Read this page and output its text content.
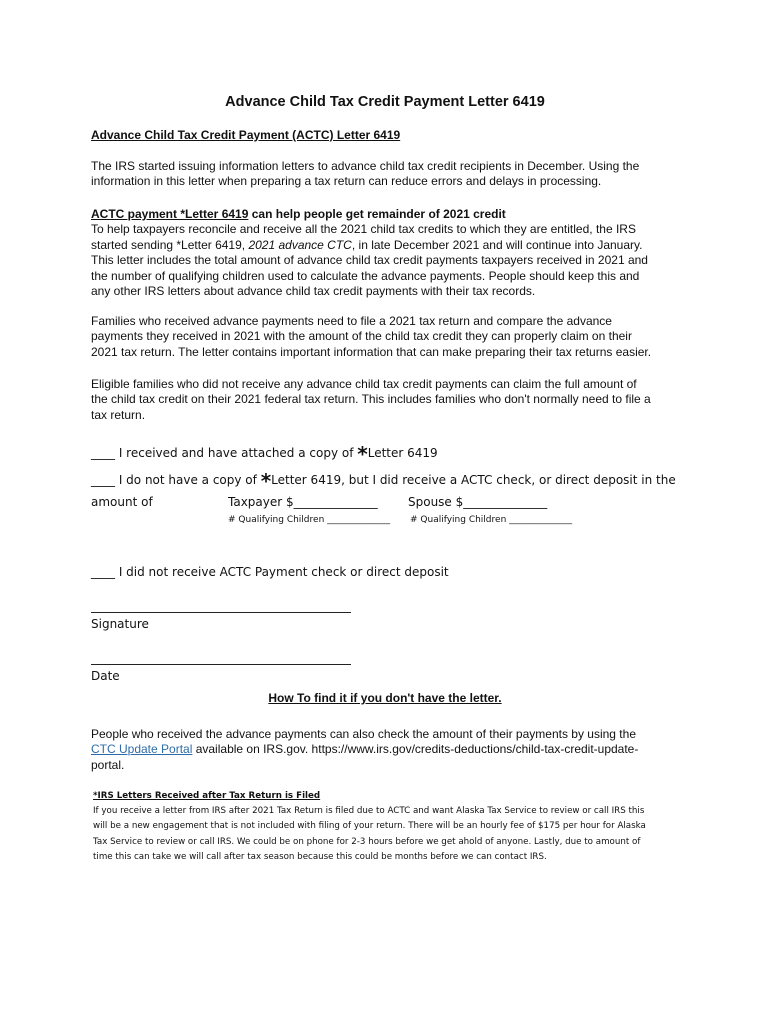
Advance Child Tax Credit Payment Letter 6419
Advance Child Tax Credit Payment (ACTC) Letter 6419
The IRS started issuing information letters to advance child tax credit recipients in December. Using the
information in this letter when preparing a tax return can reduce errors and delays in processing.
ACTC payment *Letter 6419 can help people get remainder of 2021 credit
To help taxpayers reconcile and receive all the 2021 child tax credits to which they are entitled, the IRS
started sending *Letter 6419, 2021 advance CTC, in late December 2021 and will continue into January.
This letter includes the total amount of advance child tax credit payments taxpayers received in 2021 and
the number of qualifying children used to calculate the advance payments. People should keep this and
any other IRS letters about advance child tax credit payments with their tax records.
Families who received advance payments need to file a 2021 tax return and compare the advance
payments they received in 2021 with the amount of the child tax credit they can properly claim on their
2021 tax return. The letter contains important information that can make preparing their tax returns easier.
Eligible families who did not receive any advance child tax credit payments can claim the full amount of
the child tax credit on their 2021 federal tax return. This includes families who don't normally need to file a
tax return.
____ I received and have attached a copy of *Letter 6419
____ I do not have a copy of *Letter 6419, but I did receive a ACTC check, or direct deposit in the
amount of	Taxpayer $______________	Spouse $______________
# Qualifying Children ______________ # Qualifying Children ______________
____ I did not receive ACTC Payment check or direct deposit
Signature
Date
How To find it if you don't have the letter.
People who received the advance payments can also check the amount of their payments by using the
CTC Update Portal available on IRS.gov. https://www.irs.gov/credits-deductions/child-tax-credit-update-
portal.
*IRS Letters Received after Tax Return is Filed
If you receive a letter from IRS after 2021 Tax Return is filed due to ACTC and want Alaska Tax Service to review or call IRS this
will be a new engagement that is not included with filing of your return. There will be an hourly fee of $175 per hour for Alaska
Tax Service to review or call IRS. We could be on phone for 2-3 hours before we get ahold of anyone. Lastly, due to amount of
time this can take we will call after tax season because this could be months before we can contact IRS.
